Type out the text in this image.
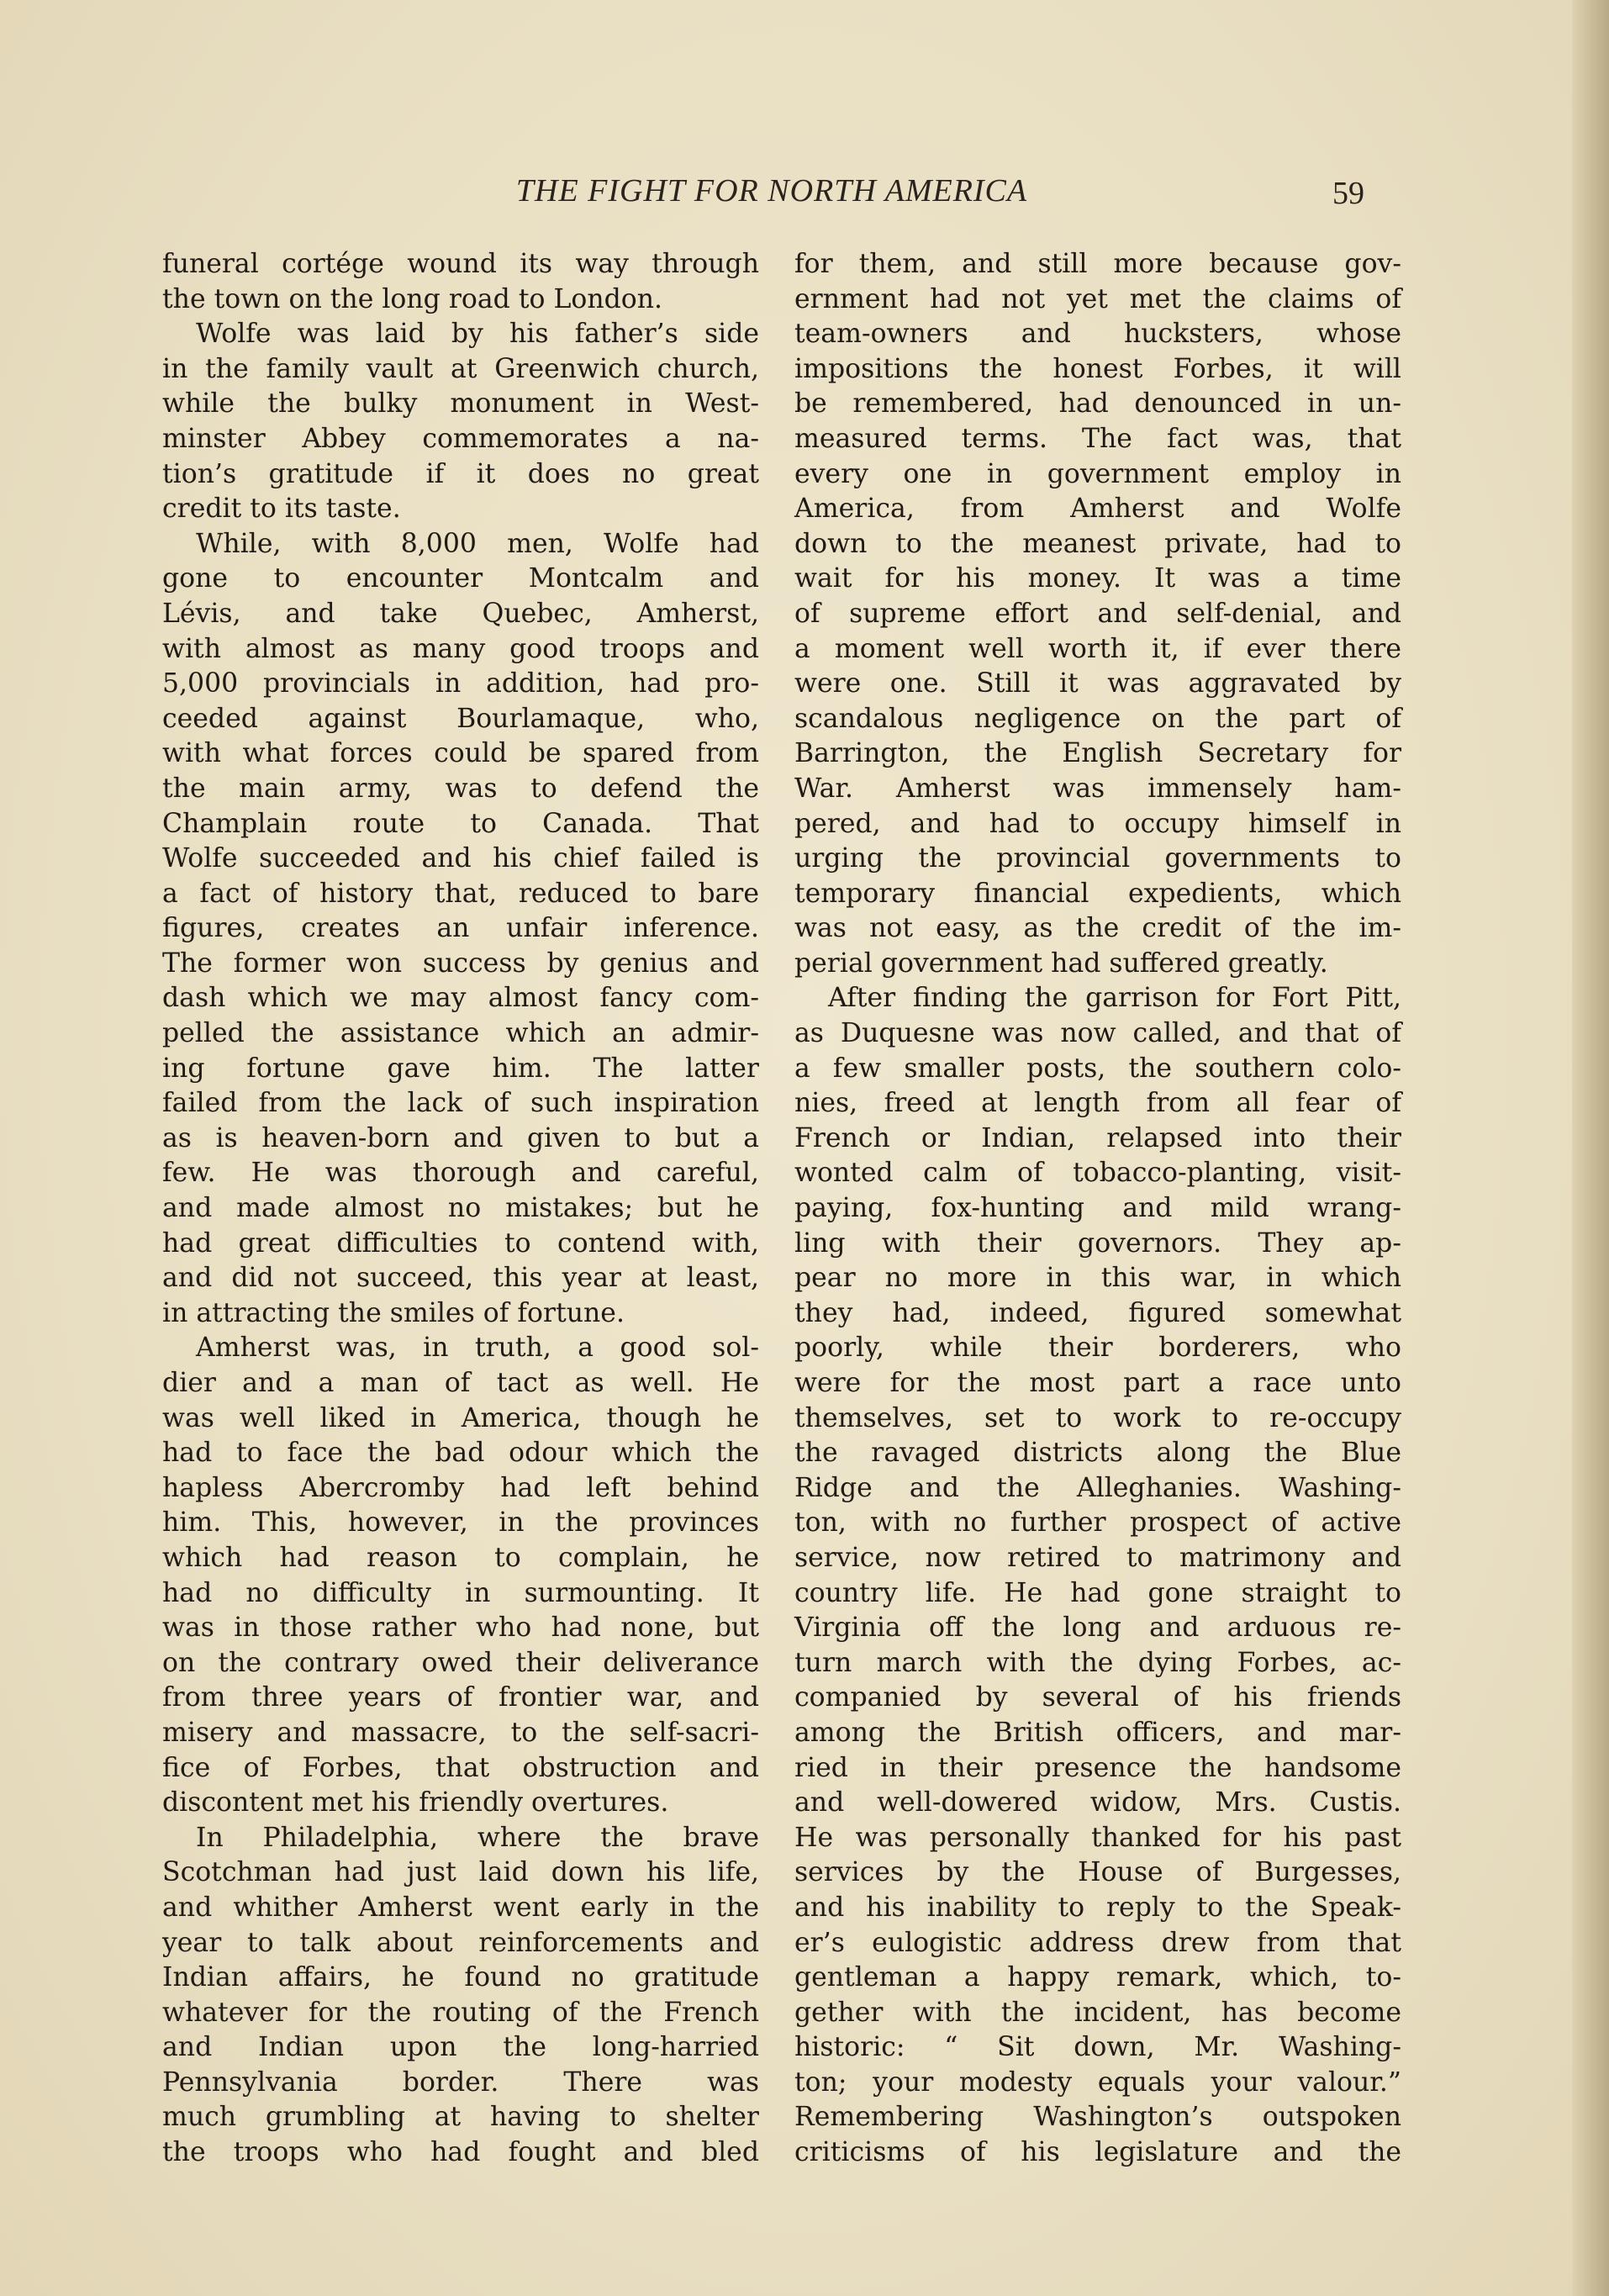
THE FIGHT FOR NORTH AMERICA	59
funeral cortége wound its way through
the town on the long road to London.
Wolfe was laid by his father’s side
in the family vault at Greenwich church,
while the bulky monument in West-
minster Abbey commemorates a na-
tion’s gratitude if it does no great
credit to its taste.
While, with 8,000 men, Wolfe had
gone to encounter Montcalm and
Lévis, and take Quebec, Amherst,
with almost as many good troops and
5,000 provincials in addition, had pro-
ceeded against Bourlamaque, who,
with what forces could be spared from
the main army, was to defend the
Champlain route to Canada. That
Wolfe succeeded and his chief failed is
a fact of history that, reduced to bare
figures, creates an unfair inference.
The former won success by genius and
dash which we may almost fancy com-
pelled the assistance which an admir-
ing fortune gave him. The latter
failed from the lack of such inspiration
as is heaven-born and given to but a
few. He was thorough and careful,
and made almost no mistakes; but he
had great difficulties to contend with,
and did not succeed, this year at least,
in attracting the smiles of fortune.
Amherst was, in truth, a good sol-
dier and a man of tact as well. He
was well liked in America, though he
had to face the bad odour which the
hapless Abercromby had left behind
him. This, however, in the provinces
which had reason to complain, he
had no difficulty in surmounting. It
was in those rather who had none, but
on the contrary owed their deliverance
from three years of frontier war, and
misery and massacre, to the self-sacri-
fice of Forbes, that obstruction and
discontent met his friendly overtures.
In Philadelphia, where the brave
Scotchman had just laid down his life,
and whither Amherst went early in the
year to talk about reinforcements and
Indian affairs, he found no gratitude
whatever for the routing of the French
and Indian upon the long-harried
Pennsylvania border. There was
much grumbling at having to shelter
the troops who had fought and bled
for them, and still more because gov-
ernment had not yet met the claims of
team-owners and hucksters, whose
impositions the honest Forbes, it will
be remembered, had denounced in un-
measured terms. The fact was, that
every one in government employ in
America, from Amherst and Wolfe
down to the meanest private, had to
wait for his money. It was a time
of supreme effort and self-denial, and
a moment well worth it, if ever there
were one. Still it was aggravated by
scandalous negligence on the part of
Barrington, the English Secretary for
War. Amherst was immensely ham-
pered, and had to occupy himself in
urging the provincial governments to
temporary financial expedients, which
was not easy, as the credit of the im-
perial government had suffered greatly.
After finding the garrison for Fort Pitt,
as Duquesne was now called, and that of
a few smaller posts, the southern colo-
nies, freed at length from all fear of
French or Indian, relapsed into their
wonted calm of tobacco-planting, visit-
paying, fox-hunting and mild wrang-
ling with their governors. They ap-
pear no more in this war, in which
they had, indeed, figured somewhat
poorly, while their borderers, who
were for the most part a race unto
themselves, set to work to re-occupy
the ravaged districts along the Blue
Ridge and the Alleghanies. Washing-
ton, with no further prospect of active
service, now retired to matrimony and
country life. He had gone straight to
Virginia off the long and arduous re-
turn march with the dying Forbes, ac-
companied by several of his friends
among the British officers, and mar-
ried in their presence the handsome
and well-dowered widow, Mrs. Custis.
He was personally thanked for his past
services by the House of Burgesses,
and his inability to reply to the Speak-
er’s eulogistic address drew from that
gentleman a happy remark, which, to-
gether with the incident, has become
historic: “ Sit down, Mr. Washing-
ton; your modesty equals your valour.”
Remembering Washington’s outspoken
criticisms of his legislature and the
